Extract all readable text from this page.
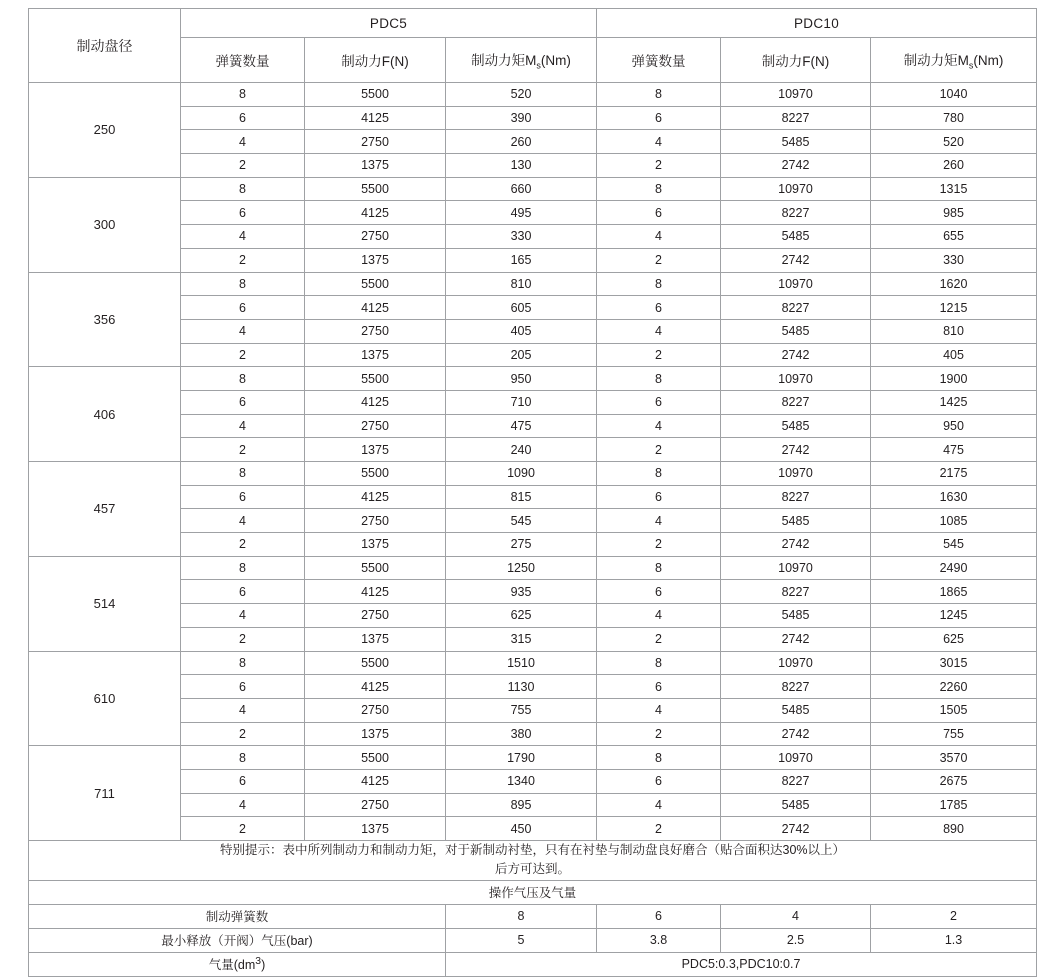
制动盘径	PDC5			PDC10		
	弹簧数量	制动力F(N)	制动力矩$M_s(Nm)$	弹簧数量	制动力F(N)	制动力矩$M_s(Nm)$
250	8	5500	520	8	10970	1040
	6	4125	390	6	8227	780
	4	2750	260	4	5485	520
	2	1375	130	2	2742	260
300	8	5500	660	8	10970	1315
	6	4125	495	6	8227	985
	4	2750	330	4	5485	655
	2	1375	165	2	2742	330
356	8	5500	810	8	10970	1620
	6	4125	605	6	8227	1215
	4	2750	405	4	5485	810
	2	1375	205	2	2742	405
406	8	5500	950	8	10970	1900
	6	4125	710	6	8227	1425
	4	2750	475	4	5485	950
	2	1375	240	2	2742	475
457	8	5500	1090	8	10970	2175
	6	4125	815	6	8227	1630
	4	2750	545	4	5485	1085
	2	1375	275	2	2742	545
514	8	5500	1250	8	10970	2490
	6	4125	935	6	8227	1865
	4	2750	625	4	5485	1245
	2	1375	315	2	2742	625
610	8	5500	1510	8	10970	3015
	6	4125	1130	6	8227	2260
	4	2750	755	4	5485	1505
	2	1375	380	2	2742	755
711	8	5500	1790	8	10970	3570
	6	4125	1340	6	8227	2675
	4	2750	895	4	5485	1785
	2	1375	450	2	2742	890

特别提示：表中所列制动力和制动力矩，对于新制动衬垫，只有在衬垫与制动盘良好磨合（贴合面积达30%以上）
后方可达到。						

操作气压及气量						
制动弹簧数			8	6	4	2
最小释放（开阀）气压(bar)			5	3.8	2.5	1.3
气量$(dm^3)$			PDC5:0.3,PDC10:0.7			
